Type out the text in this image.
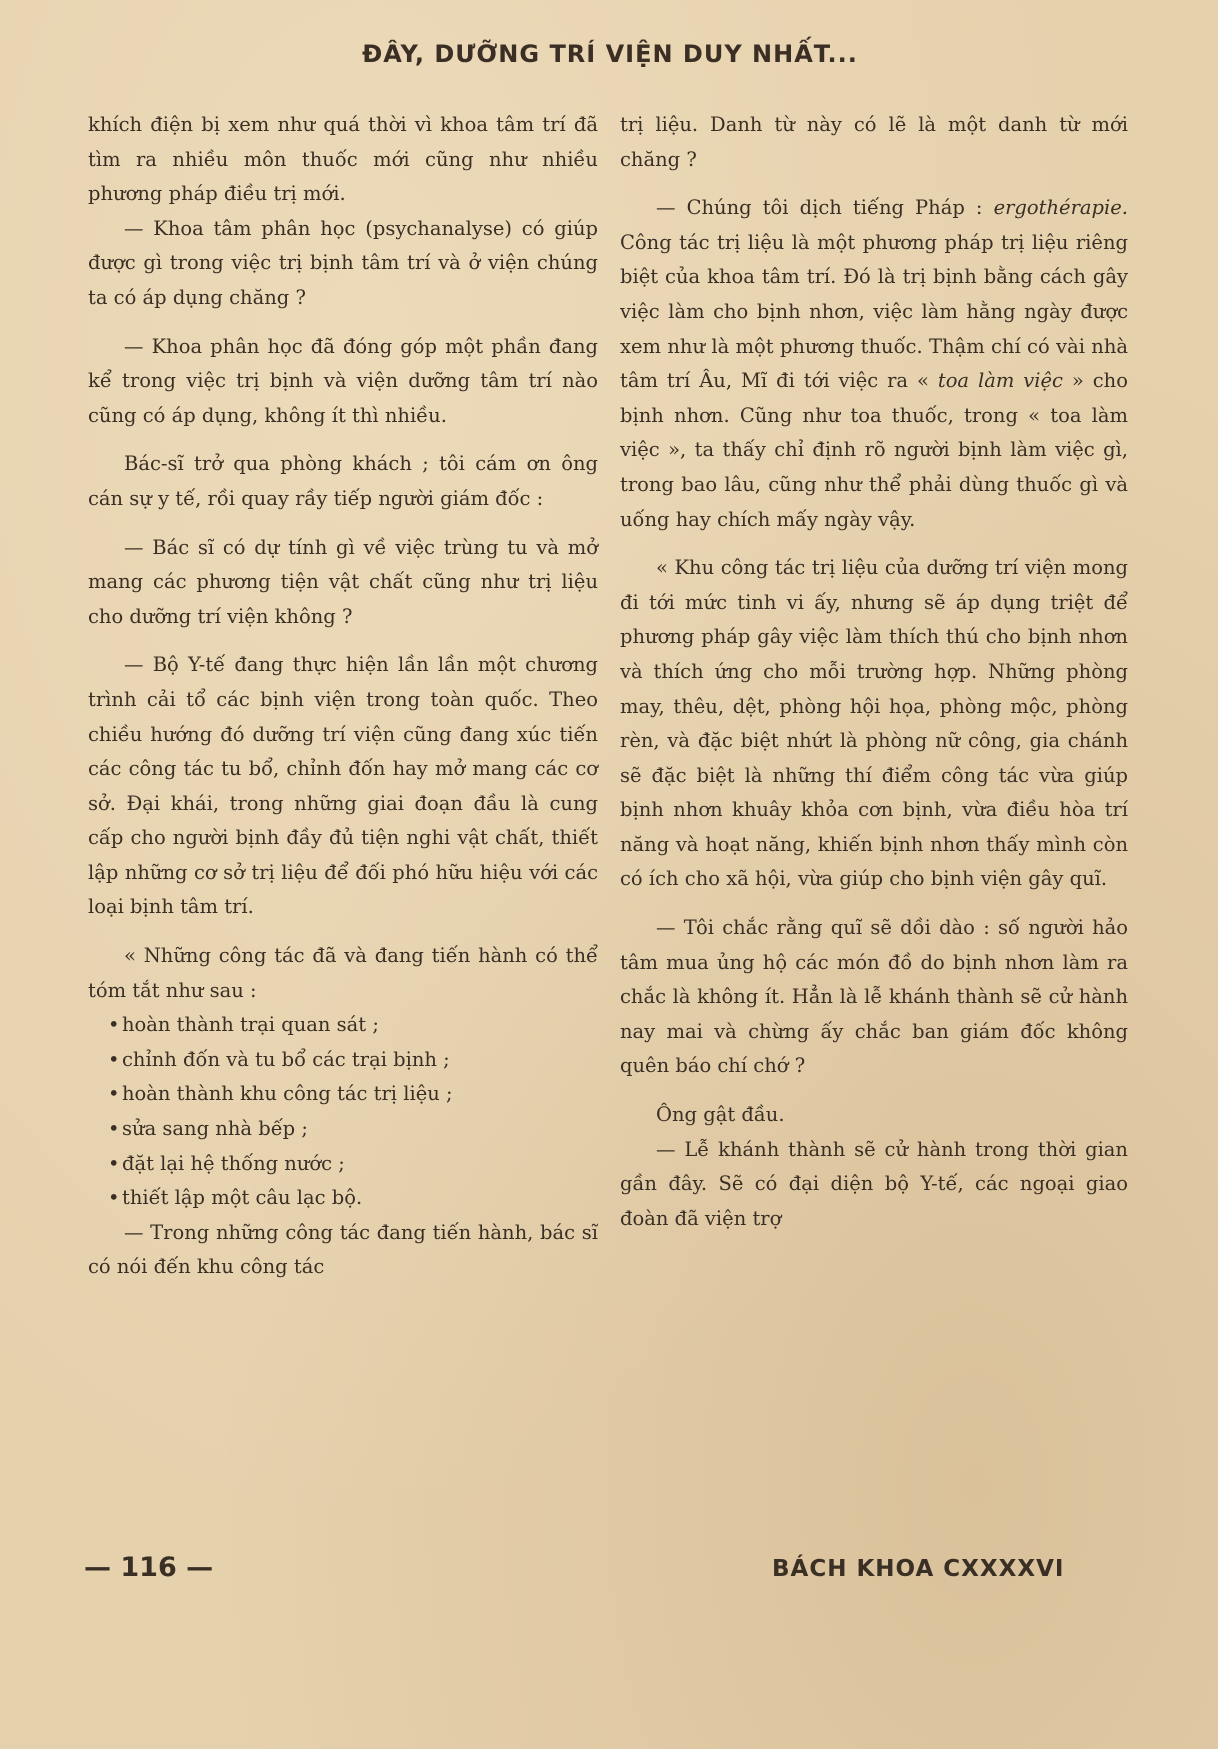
ĐÂY, DƯỠNG TRÍ VIỆN DUY NHẤT...

khích điện bị xem như quá thời vì khoa tâm trí đã tìm ra nhiều môn thuốc mới cũng như nhiều phương pháp điều trị mới.

— Khoa tâm phân học (psychanalyse) có giúp được gì trong việc trị bịnh tâm trí và ở viện chúng ta có áp dụng chăng ?

— Khoa phân học đã đóng góp một phần đang kể trong việc trị bịnh và viện dưỡng tâm trí nào cũng có áp dụng, không ít thì nhiều.

Bác-sĩ trở qua phòng khách ; tôi cám ơn ông cán sự y tế, rồi quay rầy tiếp người giám đốc :

— Bác sĩ có dự tính gì về việc trùng tu và mở mang các phương tiện vật chất cũng như trị liệu cho dưỡng trí viện không ?

— Bộ Y-tế đang thực hiện lần lần một chương trình cải tổ các bịnh viện trong toàn quốc. Theo chiều hướng đó dưỡng trí viện cũng đang xúc tiến các công tác tu bổ, chỉnh đốn hay mở mang các cơ sở. Đại khái, trong những giai đoạn đầu là cung cấp cho người bịnh đầy đủ tiện nghi vật chất, thiết lập những cơ sở trị liệu để đối phó hữu hiệu với các loại bịnh tâm trí.

« Những công tác đã và đang tiến hành có thể tóm tắt như sau :

• hoàn thành trại quan sát ;
• chỉnh đốn và tu bổ các trại bịnh ;
• hoàn thành khu công tác trị liệu ;
• sửa sang nhà bếp ;
• đặt lại hệ thống nước ;
• thiết lập một câu lạc bộ.

— Trong những công tác đang tiến hành, bác sĩ có nói đến khu công tác

trị liệu. Danh từ này có lẽ là một danh từ mới chăng ?

— Chúng tôi dịch tiếng Pháp : ergothérapie. Công tác trị liệu là một phương pháp trị liệu riêng biệt của khoa tâm trí. Đó là trị bịnh bằng cách gây việc làm cho bịnh nhơn, việc làm hằng ngày được xem như là một phương thuốc. Thậm chí có vài nhà tâm trí Âu, Mĩ đi tới việc ra « toa làm việc » cho bịnh nhơn. Cũng như toa thuốc, trong « toa làm việc », ta thấy chỉ định rõ người bịnh làm việc gì, trong bao lâu, cũng như thể phải dùng thuốc gì và uống hay chích mấy ngày vậy.

« Khu công tác trị liệu của dưỡng trí viện mong đi tới mức tinh vi ấy, nhưng sẽ áp dụng triệt để phương pháp gây việc làm thích thú cho bịnh nhơn và thích ứng cho mỗi trường hợp. Những phòng may, thêu, dệt, phòng hội họa, phòng mộc, phòng rèn, và đặc biệt nhứt là phòng nữ công, gia chánh sẽ đặc biệt là những thí điểm công tác vừa giúp bịnh nhơn khuây khỏa cơn bịnh, vừa điều hòa trí năng và hoạt năng, khiến bịnh nhơn thấy mình còn có ích cho xã hội, vừa giúp cho bịnh viện gây quĩ.

— Tôi chắc rằng quĩ sẽ dồi dào : số người hảo tâm mua ủng hộ các món đồ do bịnh nhơn làm ra chắc là không ít. Hẳn là lễ khánh thành sẽ cử hành nay mai và chừng ấy chắc ban giám đốc không quên báo chí chớ ?

Ông gật đầu.

— Lễ khánh thành sẽ cử hành trong thời gian gần đây. Sẽ có đại diện bộ Y-tế, các ngoại giao đoàn đã viện trợ

— 116 —	BÁCH KHOA CXXXXVI
